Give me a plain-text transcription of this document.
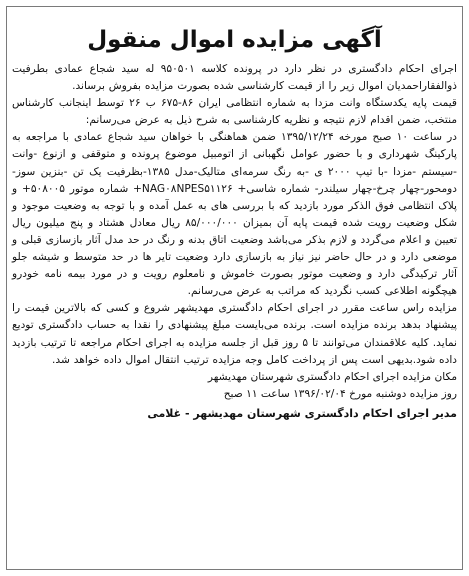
آگهی مزایده اموال منقول

اجرای احکام دادگستری در نظر دارد در پرونده کلاسه ۹۵۰۵۰۱ له سید شجاع عمادی بطرفیت ذوالفقاراحمدیان اموال زیر را از قیمت کارشناسی شده بصورت مزایده بفروش برساند.

قیمت پایه یکدستگاه وانت مزدا به شماره انتظامی ایران ۸۶-۶۷۵ ب ۲۶ توسط اینجانب کارشناس منتخب، ضمن اقدام لازم نتیجه و نظریه کارشناسی به شرح ذیل به عرض می‌رسانم:

در ساعت ۱۰ صبح مورخه ۱۳۹۵/۱۲/۲۴ ضمن هماهنگی با خواهان سید شجاع عمادی با مراجعه به پارکینگ شهرداری و با حضور عوامل نگهبانی از اتومبیل موضوع پرونده و متوقفی و ازنوع -وانت -سیستم -مزدا -با تیپ ۲۰۰۰ ی -به رنگ سرمه‌ای متالیک-مدل ۱۳۸۵-بظرفیت یک تن -بنزین سوز-دومحور-چهار چرخ-چهار سیلندر- شماره شاسی+ NAG۰۸NPES۵۱۱۲۶+ شماره موتور ۵۰۸۰۰۵+ و پلاک انتظامی فوق الذکر مورد بازدید که با بررسی های به عمل آمده و با توجه به وضعیت موجود و شکل وضعیت رویت شده قیمت پایه آن بمیزان ۸۵/۰۰۰/۰۰۰ ریال معادل هشتاد و پنج میلیون ریال تعیین و اعلام می‌گردد و لازم بذکر می‌باشد وضعیت اتاق بدنه و رنگ در حد مدل آثار بازسازی قبلی و موضعی دارد و در حال حاضر نیز نیاز به بازسازی دارد وضعیت تایر ها در حد متوسط و شیشه جلو آثار ترکیدگی دارد و وضعیت موتور بصورت خاموش و نامعلوم رویت و در مورد بیمه نامه خودرو هیچگونه اطلاعی کسب نگردید که مراتب به عرض می‌رسانم.

مزایده راس ساعت مقرر در اجرای احکام دادگستری مهدیشهر شروع و کسی که بالاترین قیمت را پیشنهاد بدهد برنده مزایده است. برنده می‌بایست مبلغ پیشنهادی را نقدا به حساب دادگستری تودیع نماید. کلیه علاقمندان می‌توانند تا ۵ روز قبل از جلسه مزایده به اجرای احکام مراجعه تا ترتیب بازدید داده شود.بدیهی است پس از پرداخت کامل وجه مزایده ترتیب انتقال اموال داده خواهد شد.

مکان مزایده اجرای احکام دادگستری شهرستان مهدیشهر
روز مزایده دوشنبه مورخ ۱۳۹۶/۰۲/۰۴ ساعت ۱۱ صبح
مدیر اجرای احکام دادگستری شهرستان مهدیشهر - غلامی
